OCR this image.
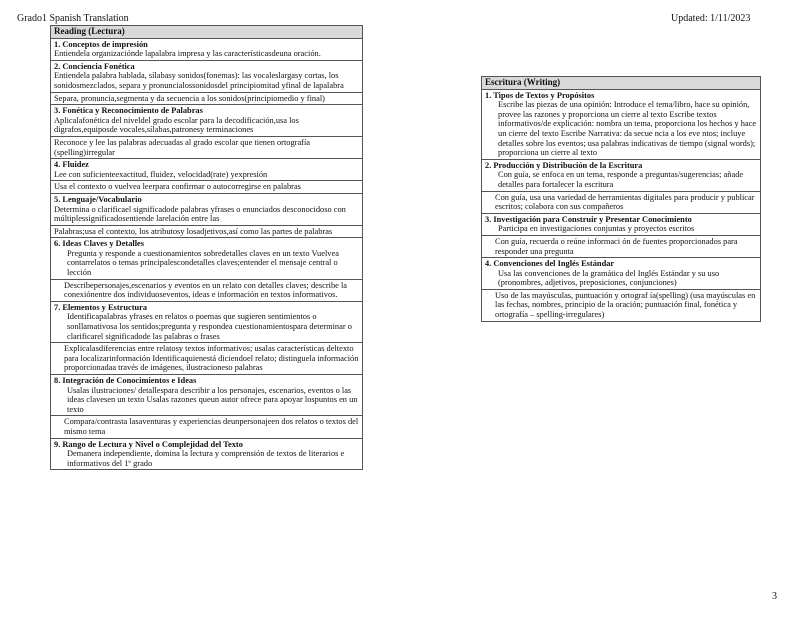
Grado1 Spanish Translation	Updated: 1/11/2023
Reading (Lectura)

1. Conceptos de impresión
Entiendela organizaciónde lapalabra impresa y las característicasdeuna oración.

2. Conciencia Fonética
Entiendela palabra hablada, sílabasy sonidos(fonemas): las vocaleslargasy cortas, los sonidosmezclados, separa y pronuncialossonidosdel principiomitad yfinal de lapalabra

Separa, pronuncia,segmenta y da secuencia a los sonidos(principiomedio y final)

3. Fonética y Reconocimiento de Palabras
Aplicalafonética del niveldel grado escolar para la decodificación,usa los digrafos,equiposde vocales,sílabas,patronesy terminaciones

Reconoce y lee las palabras adecuadas al grado escolar que tienen ortografía (spelling)irregular

4. Fluidez
Lee con suficienteexactitud, fluidez, velocidad(rate) yexpresión

Usa el contexto o vuelvea leerpara confirmar o autocorregirse en palabras

5. Lenguaje/Vocabulario
Determina o clarificael significadode palabras yfrases o enunciados desconocidoso con múltiplessignificadosentiende larelación entre las

Palabras;usa el contexto, los atributosy losadjetivos,así como las partes de palabras

6. Ideas Claves y Detalles
Pregunta y responde a cuestionamientos sobredetalles claves en un texto Vuelvea contarrelatos o temas principalescondetalles claves;entender el mensaje central o lección

Describepersonajes,escenarios y eventos en un relato con detalles claves; describe la conexiónentre dos individuoseventos, ideas e información en textos informativos.

7. Elementos y Estructura
Identificapalabras yfrases en relatos o poemas que sugieren sentimientos o sonllamativosa los sentidos;pregunta y respondea cuestionamientospara determinar o clarificarel significadode las palabras o frases

Explicalasdiferencias entre relatosy textos informativos; usalas características deltexto para localizarinformación Identificaquienestá diciendoel relato; distinguela información proporcionadaa través de imágenes, ilustracioneso palabras

8. Integración de Conocimientos e Ideas
Usalas ilustraciones/ detallespara describir a los personajes, escenarios, eventos o las ideas clavesen un texto Usalas razones queun autor ofrece para apoyar lospuntos en un texto

Compara/contrasta lasaventuras y experiencias deunpersonajeen dos relatos o textos del mismo tema

9. Rango de Lectura y Nivel o Complejidad del Texto
Demanera independiente, domina la lectura y comprensión de textos de literarios e informativos del 1º grado
Escritura (Writing)

1. Tipos de Textos y Propósitos
Escribe las piezas de una opinión: Introduce el tema/libro, hace su opinión, provee las razones y proporciona un cierre al texto Escribe textos informativos/de explicación: nombra un tema, proporciona los hechos y hace un cierre del texto Escribe Narrativa: da secue ncia a los eve ntos; incluye detalles sobre los eventos; usa palabras indicativas de tiempo (signal words); proporciona un cierre al texto

2. Producción y Distribución de la Escritura
Con guía, se enfoca en un tema, responde a preguntas/sugerencias; añade detalles para fortalecer la escritura

Con guía, usa una variedad de herramientas digitales para producir y publicar escritos; colabora con sus compañeros

3. Investigación para Construir y Presentar Conocimiento
Participa en investigaciones conjuntas y proyectos escritos

Con guía, recuerda o reúne informaci ón de fuentes proporcionados para responder una pregunta

4. Convenciones del Inglés Estándar
Usa las convenciones de la gramática del Inglés Estándar y su uso (pronombres, adjetivos, preposiciones, conjunciones)

Uso de las mayúsculas, puntuación y ortograf ía(spelling) (usa mayúsculas en las fechas, nombres, principio de la oración; puntuación final, fonética y ortografía – spelling-irregulares)
3
